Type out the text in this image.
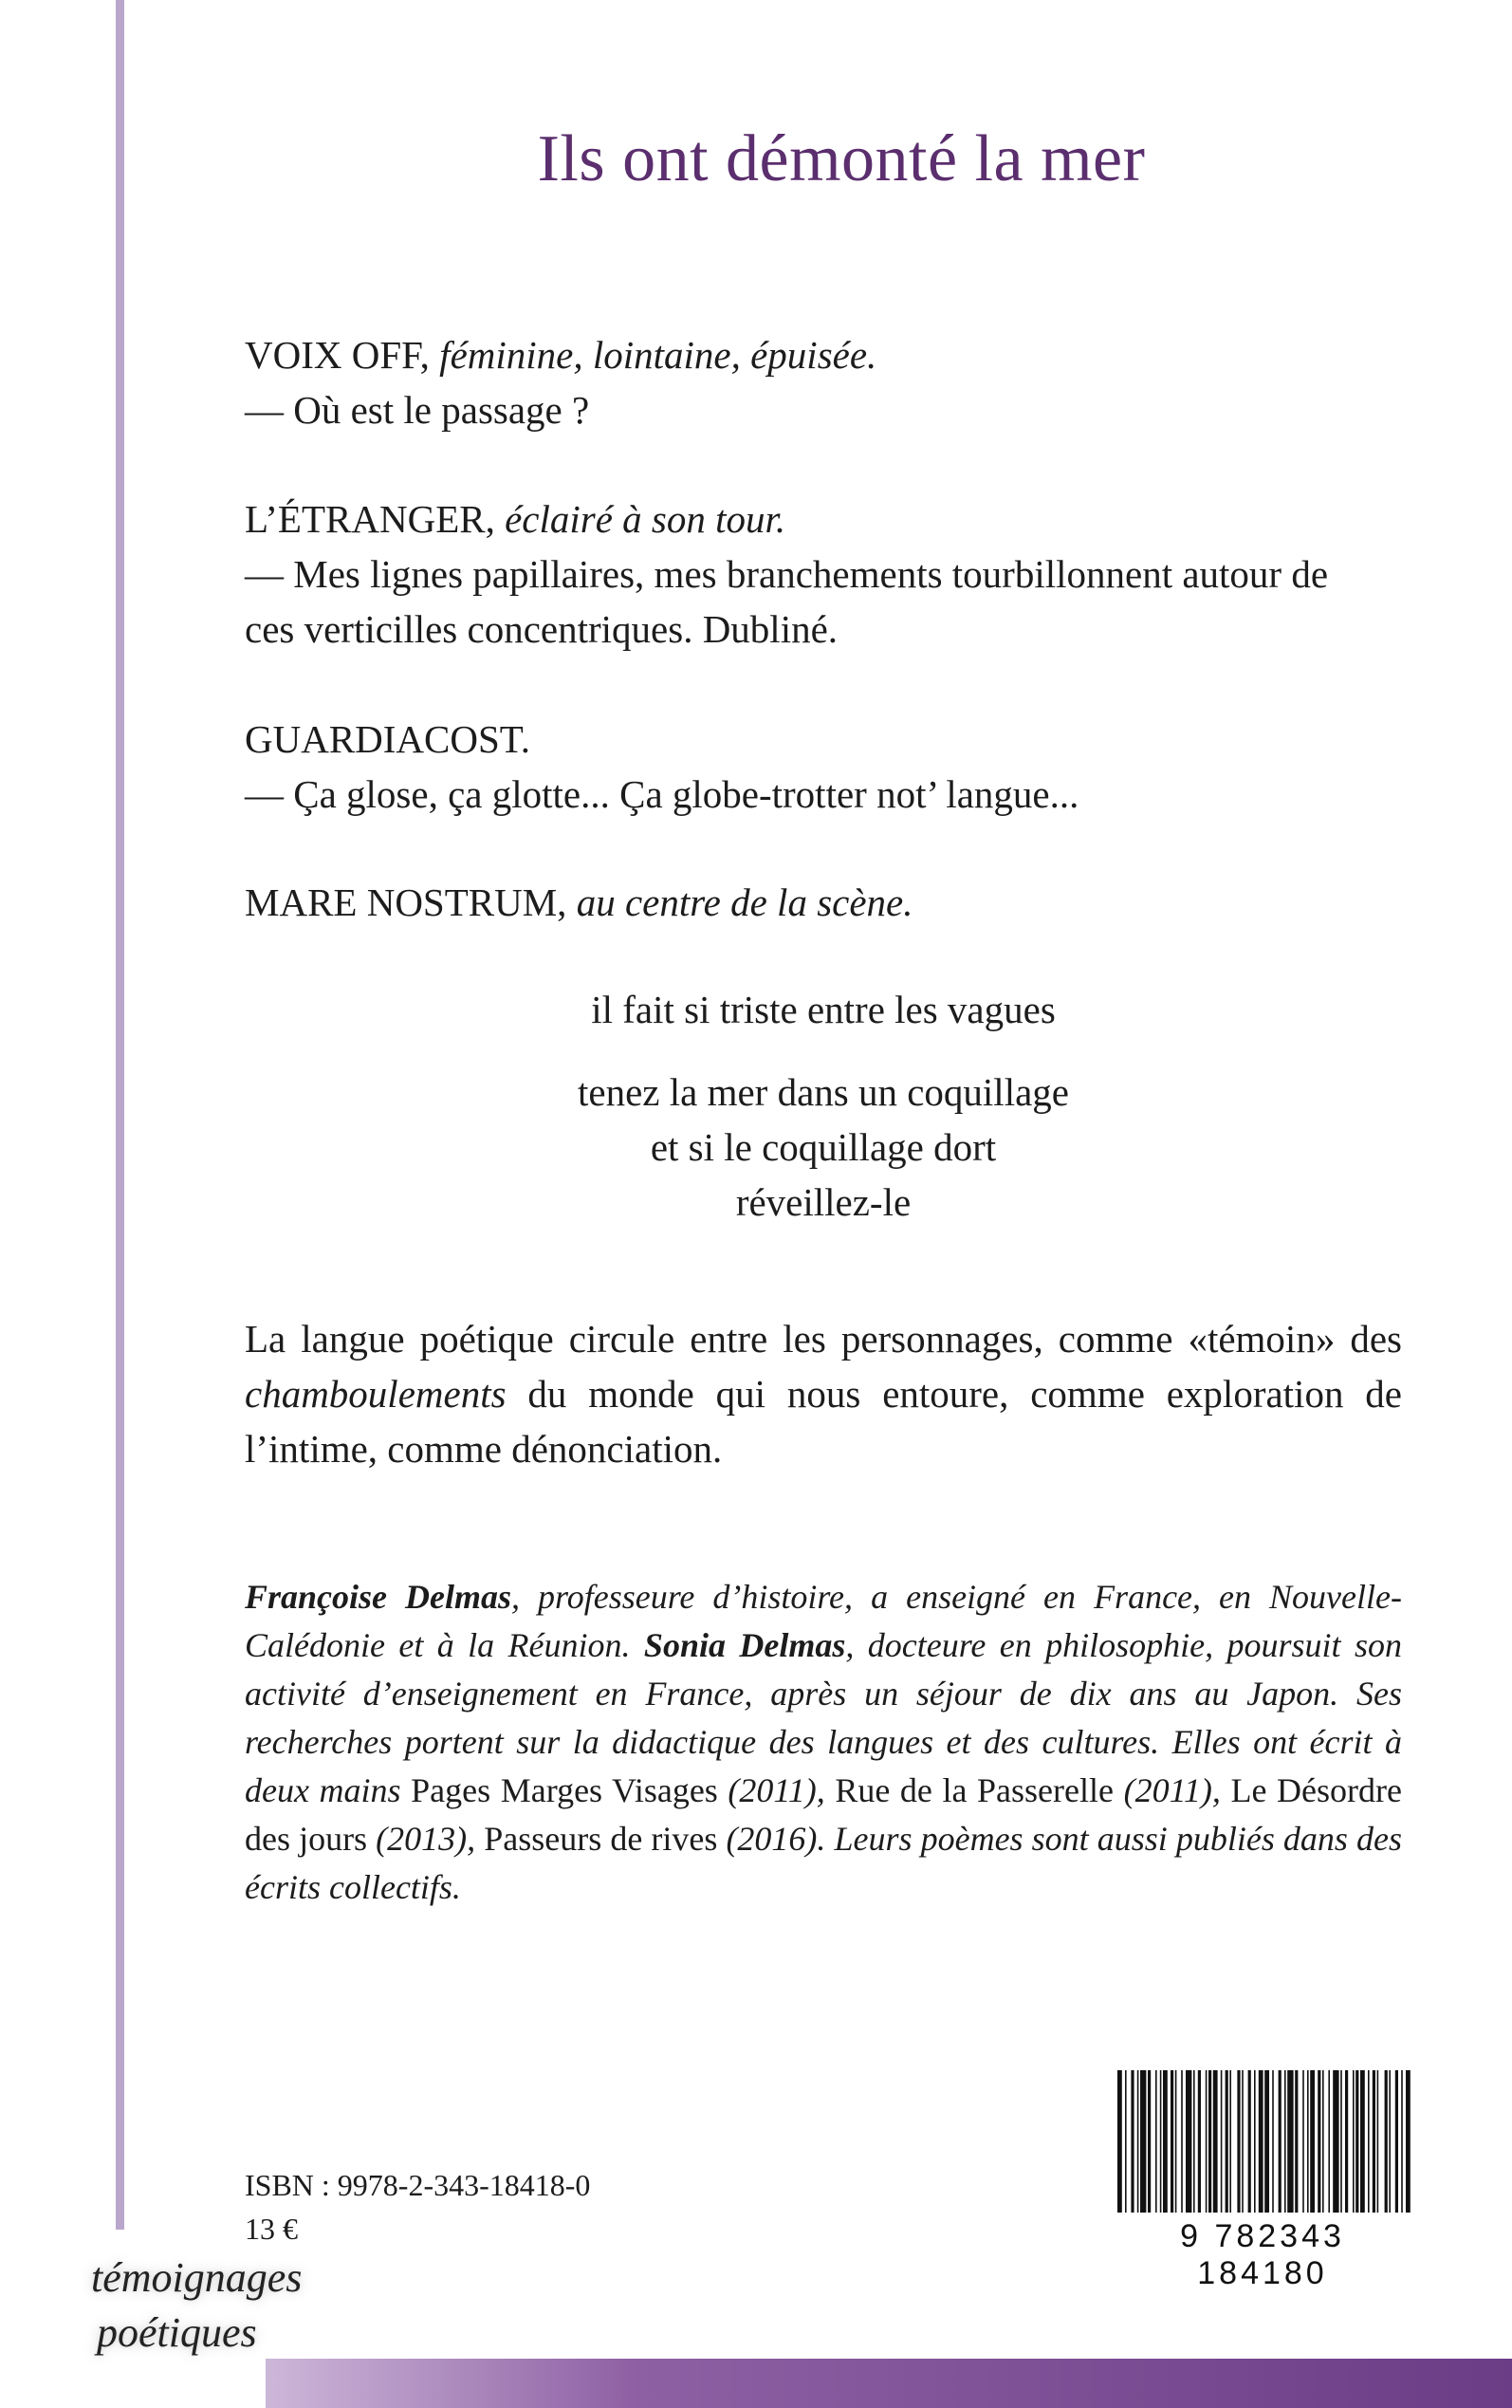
Ils ont démonté la mer

VOIX OFF, féminine, lointaine, épuisée.

— Où est le passage ?

L’ÉTRANGER, éclairé à son tour.

— Mes lignes papillaires, mes branchements tourbillonnent autour de

ces verticilles concentriques. Dubliné.

GUARDIACOST.

— Ça glose, ça glotte... Ça globe-trotter not’ langue...

MARE NOSTRUM, au centre de la scène.

il fait si triste entre les vagues

tenez la mer dans un coquillage

et si le coquillage dort

réveillez-le

La langue poétique circule entre les personnages, comme «témoin» des chamboulements du monde qui nous entoure, comme exploration de l’intime, comme dénonciation.

Françoise Delmas, professeure d’histoire, a enseigné en France, en Nouvelle-Calédonie et à la Réunion. Sonia Delmas, docteure en philosophie, poursuit son activité d’enseignement en France, après un séjour de dix ans au Japon. Ses recherches portent sur la didactique des langues et des cultures. Elles ont écrit à deux mains Pages Marges Visages (2011), Rue de la Passerelle (2011), Le Désordre des jours (2013), Passeurs de rives (2016). Leurs poèmes sont aussi publiés dans des écrits collectifs.

ISBN : 9978-2-343-18418-0
13 €	9 782343 184180
témoignages
poétiques
